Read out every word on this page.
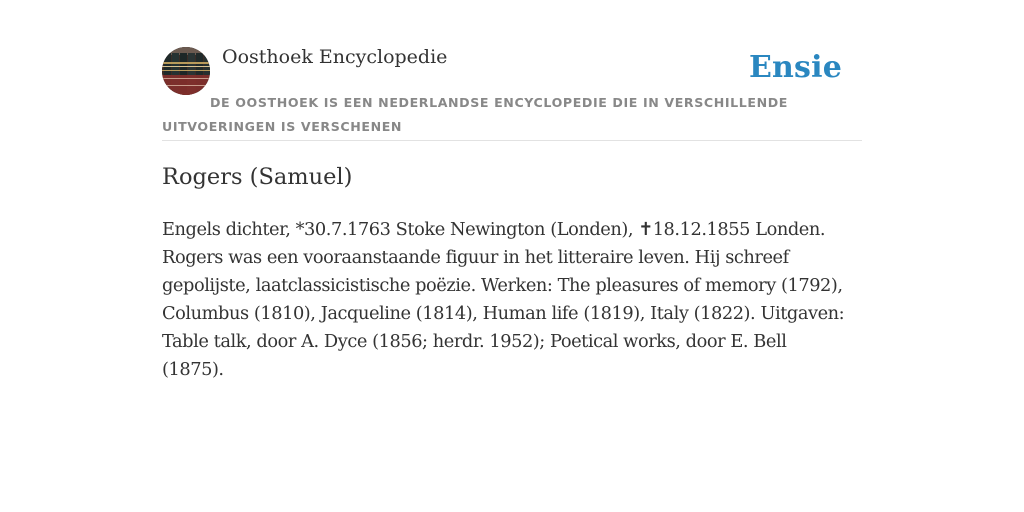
Oosthoek Encyclopedie	Ensie
DE OOSTHOEK IS EEN NEDERLANDSE ENCYCLOPEDIE DIE IN VERSCHILLENDE UITVOERINGEN IS VERSCHENEN
Rogers (Samuel)

Engels dichter, *30.7.1763 Stoke Newington (Londen), ✝18.12.1855 Londen. Rogers was een vooraanstaande figuur in het litteraire leven. Hij schreef gepolijste, laatclassicistische poëzie. Werken: The pleasures of memory (1792), Columbus (1810), Jacqueline (1814), Human life (1819), Italy (1822). Uitgaven: Table talk, door A. Dyce (1856; herdr. 1952); Poetical works, door E. Bell (1875).
